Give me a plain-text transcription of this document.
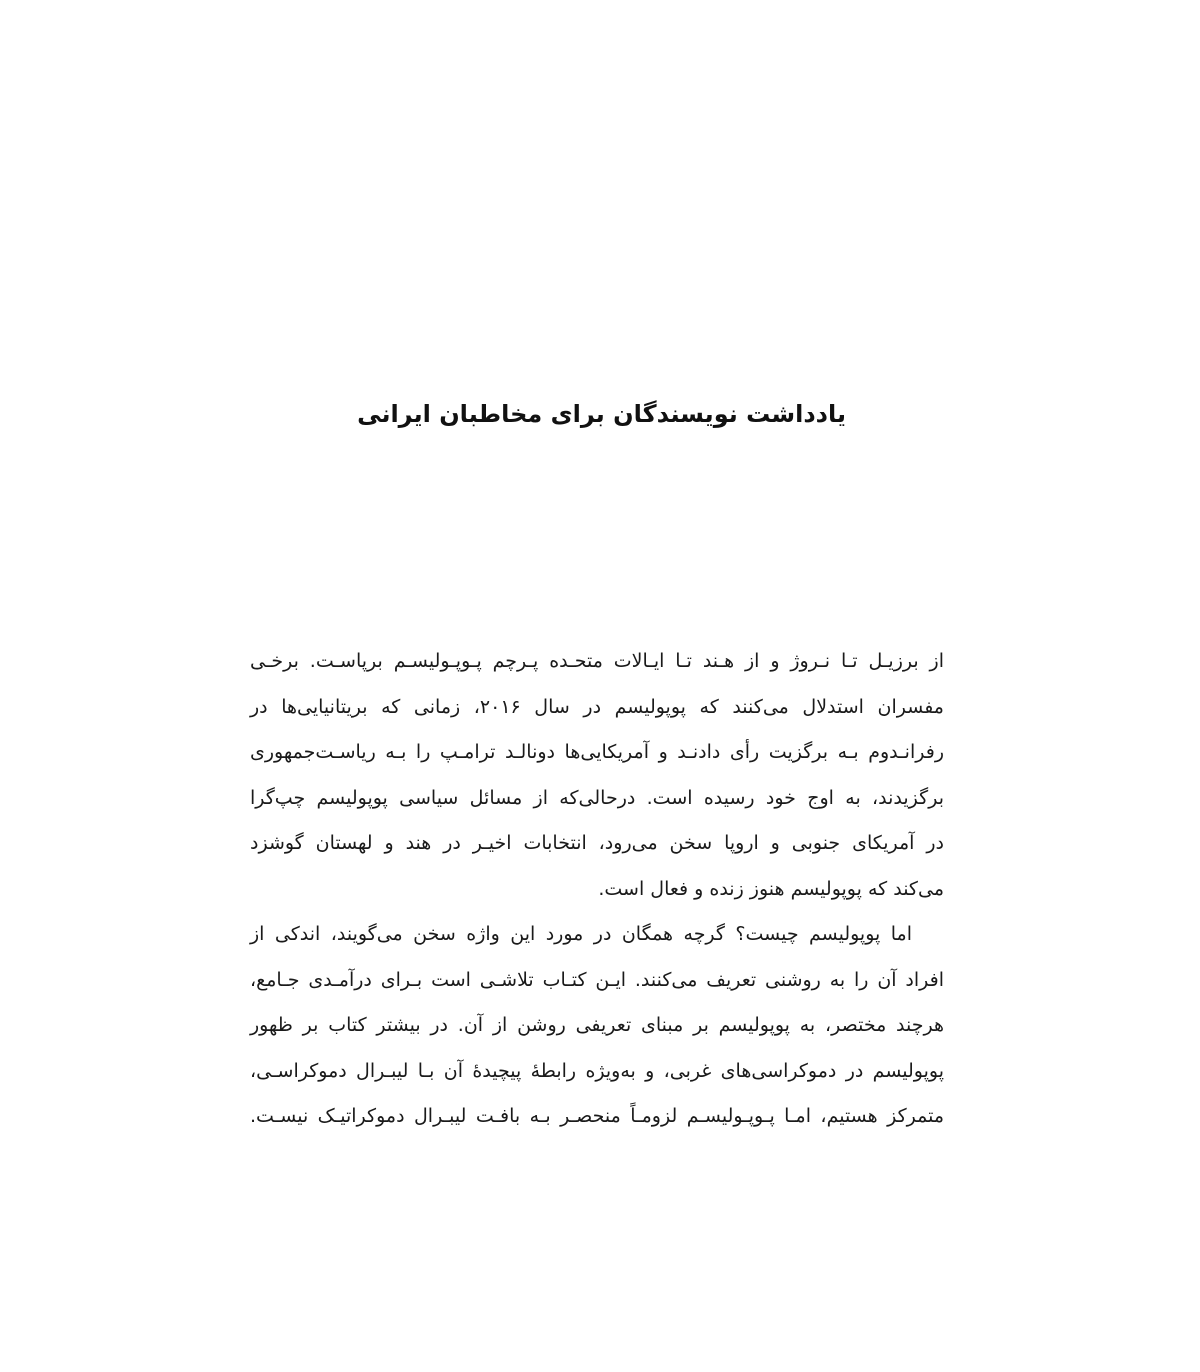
یادداشت نویسندگان برای مخاطبان ایرانی

از برزیـل تـا نـروژ و از هـند تـا ایـالات متحـده پـرچم پـوپـولیسـم برپاسـت. برخـی
مفسران استدلال می‌کنند که پوپولیسم در سال ۲۰۱۶، زمانی که بریتانیایی‌ها در
رفرانـدوم بـه برگزیت رأی دادنـد و آمریکایی‌ها دونالـد ترامـپ را بـه ریاسـت‌جمهوری
برگزیدند، به اوج خود رسیده است. درحالی‌که از مسائل سیاسی پوپولیسم چپ‌گرا
در آمریکای جنوبی و اروپا سخن می‌رود، انتخابات اخیـر در هند و لهستان گوشزد
می‌کند که پوپولیسم هنوز زنده و فعال است.

اما پوپولیسم چیست؟ گرچه همگان در مورد این واژه سخن می‌گویند، اندکی از
افراد آن را به روشنی تعریف می‌کنند. ایـن کتـاب تلاشـی است بـرای درآمـدی جـامع،
هرچند مختصر، به پوپولیسم بر مبنای تعریفی روشن از آن. در بیشتر کتاب بر ظهور
پوپولیسم در دموکراسی‌های غربی، و به‌ویژه رابطهٔ پیچیدهٔ آن بـا لیبـرال دموکراسـی،
متمرکز هستیم، امـا پـوپـولیسـم لزومـاً منحصـر بـه بافـت لیبـرال دموکراتیـک نیسـت.
